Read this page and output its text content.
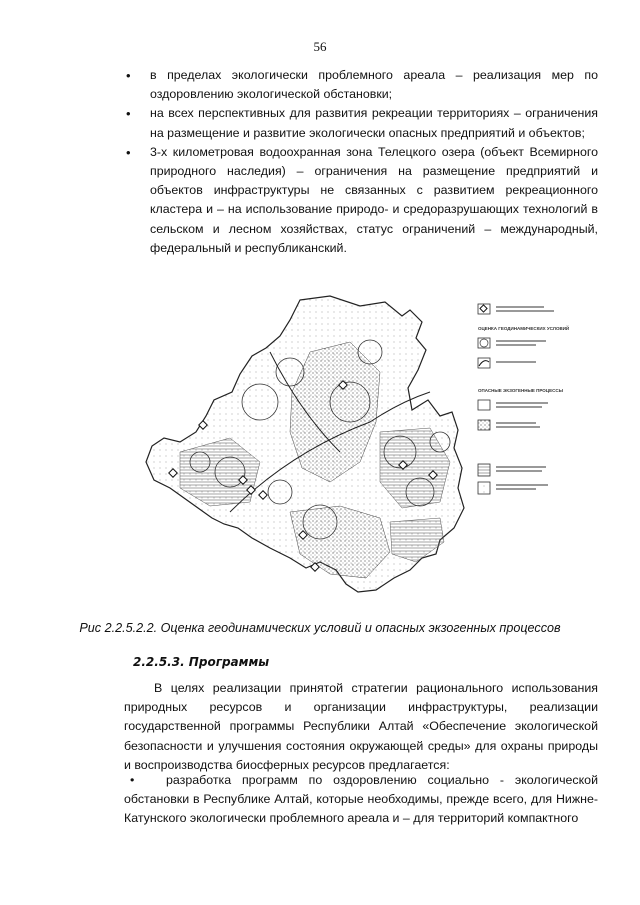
56
• в пределах экологически проблемного ареала – реализация мер по оздоровлению экологической обстановки;
• на всех перспективных для развития рекреации территориях – ограничения на размещение и развитие экологически опасных предприятий и объектов;
• 3-х километровая водоохранная зона Телецкого озера (объект Всемирного природного наследия) – ограничения на размещение предприятий и объектов инфраструктуры не связанных с развитием рекреационного кластера и – на использование природо- и средоразрушающих технологий в сельском и лесном хозяйствах, статус ограничений – международный, федеральный и республиканский.
ОЦЕНКА ГЕОДИНАМИЧЕСКИХ УСЛОВИЙ
ОПАСНЫЕ ЭКЗОГЕННЫЕ ПРОЦЕССЫ
Рис 2.2.5.2.2. Оценка геодинамических условий и опасных экзогенных процессов
2.2.5.3. Программы
В целях реализации принятой стратегии рационального использования природных ресурсов и организации инфраструктуры, реализации государственной программы Республики Алтай «Обеспечение экологической безопасности и улучшения состояния окружающей среды» для охраны природы и воспроизводства биосферных ресурсов предлагается:
•	разработка программ по оздоровлению социально - экологической обстановки в Республике Алтай, которые необходимы, прежде всего, для Нижне-Катунского экологически проблемного ареала и – для территорий компактного
